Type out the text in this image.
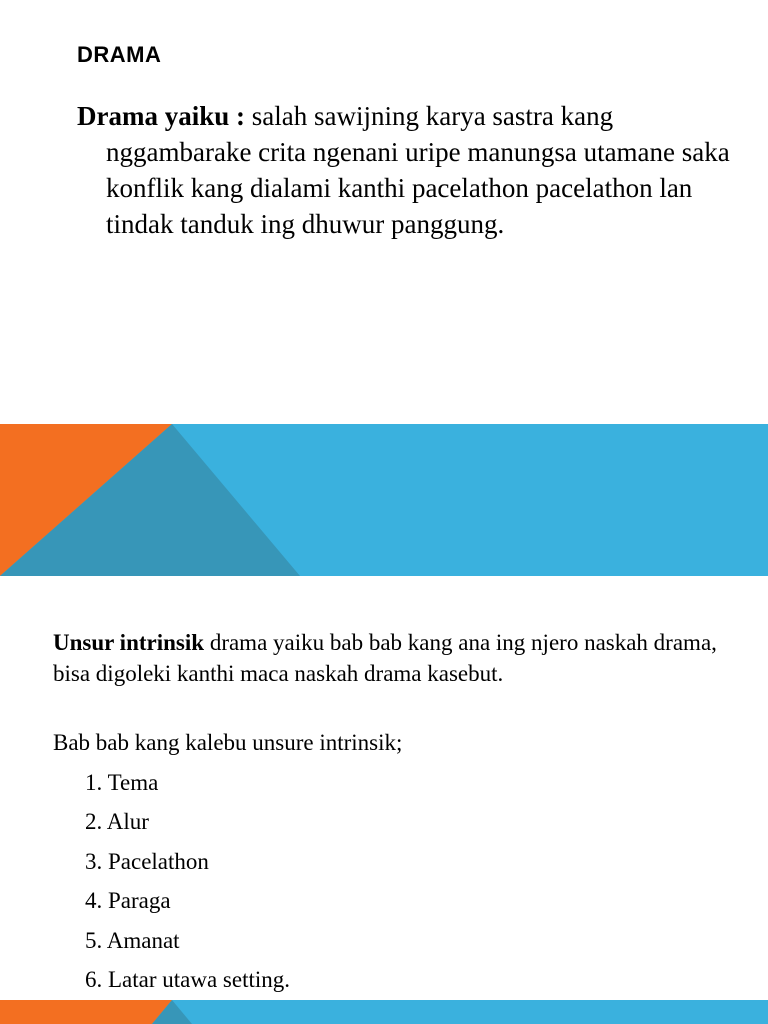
DRAMA

Drama yaiku : salah sawijning karya sastra kang nggambarake crita ngenani uripe manungsa utamane saka konflik kang dialami kanthi pacelathon pacelathon lan tindak tanduk ing dhuwur panggung.

Unsur intrinsik drama yaiku bab bab kang ana ing njero naskah drama, bisa digoleki kanthi maca naskah drama kasebut.

Bab bab kang kalebu unsure intrinsik;

1. Tema
2. Alur
3. Pacelathon
4. Paraga
5. Amanat
6. Latar utawa setting.
